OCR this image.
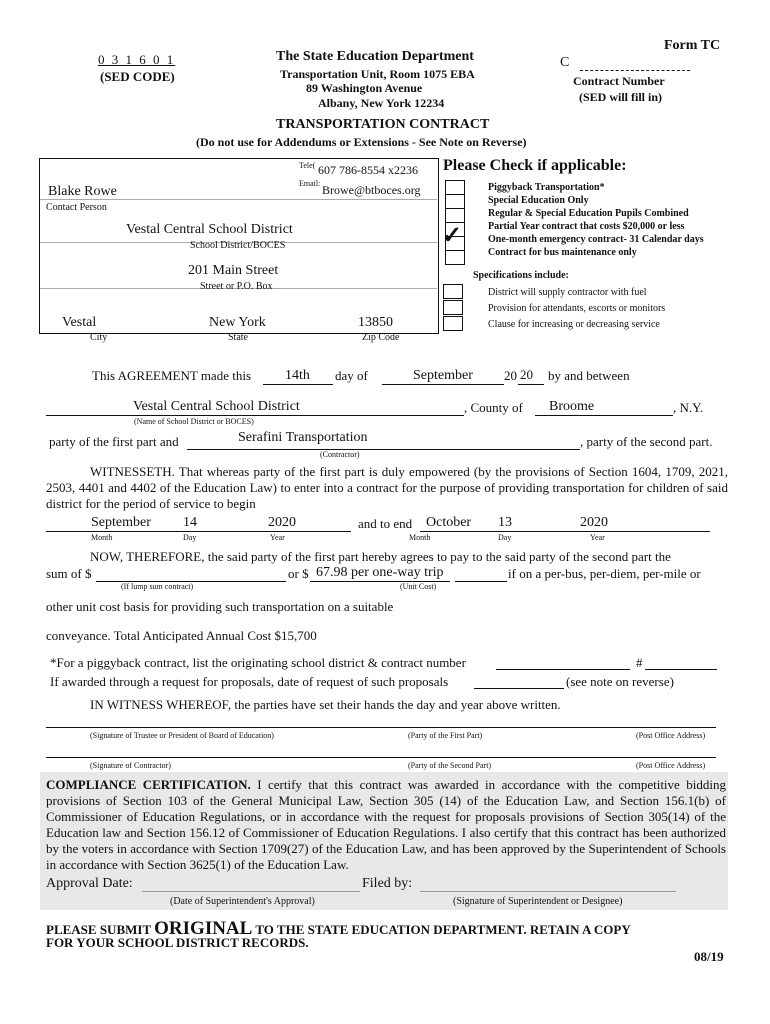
Form TC
0 3 1 6 0 1
(SED CODE)
The State Education Department
Transportation Unit, Room 1075 EBA
89 Washington Avenue
Albany, New York 12234
C
Contract Number
(SED will fill in)
TRANSPORTATION CONTRACT
(Do not use for Addendums or Extensions - See Note on Reverse)
Tele( 607 786-8554 x2236
Email: Browe@btboces.org
Blake Rowe
Contact Person
Vestal Central School District
School District/BOCES
201 Main Street
Street or P.O. Box
Vestal	New York	13850
City	State	Zip Code
Please Check if applicable:
✓
Piggyback Transportation*
Special Education Only
Regular & Special Education Pupils Combined
Partial Year contract that costs $20,000 or less
One-month emergency contract- 31 Calendar days
Contract for bus maintenance only
Specifications include:
District will supply contractor with fuel
Provision for attendants, escorts or monitors
Clause for increasing or decreasing service
This AGREEMENT made this 14th day of	September 20 20 by and between
Vestal Central School District	, County of Broome	, N.Y.
(Name of School District or BOCES)
party of the first part and	Serafini Transportation	, party of the second part.
(Contractor)
WITNESSETH. That whereas party of the first part is duly empowered (by the provisions of Section 1604, 1709, 2021, 2503, 4401 and 4402 of the Education Law) to enter into a contract for the purpose of providing transportation for children of said district for the period of service to begin
September 14	2020	and to end October 13	2020
Month	Day	Year	Month	Day	Year
NOW, THEREFORE, the said party of the first part hereby agrees to pay to the said party of the second part the
sum of $	or $ 67.98 per one-way trip	if on a per-bus, per-diem, per-mile or
(If lump sum contract)	(Unit Cost)
other unit cost basis for providing such transportation on a suitable
conveyance. Total Anticipated Annual Cost $15,700
*For a piggyback contract, list the originating school district & contract number	#
If awarded through a request for proposals, date of request of such proposals	(see note on reverse)
IN WITNESS WHEREOF, the parties have set their hands the day and year above written.
(Signature of Trustee or President of Board of Education)	(Party of the First Part)	(Post Office Address)
(Signature of Contractor)	(Party of the Second Part)	(Post Office Address)
COMPLIANCE CERTIFICATION. I certify that this contract was awarded in accordance with the competitive bidding provisions of Section 103 of the General Municipal Law, Section 305 (14) of the Education Law, and Section 156.1(b) of Commissioner of Education Regulations, or in accordance with the request for proposals provisions of Section 305(14) of the Education law and Section 156.12 of Commissioner of Education Regulations. I also certify that this contract has been authorized by the voters in accordance with Section 1709(27) of the Education Law, and has been approved by the Superintendent of Schools in accordance with Section 3625(1) of the Education Law.
Approval Date:	Filed by:
(Date of Superintendent's Approval)	(Signature of Superintendent or Designee)
PLEASE SUBMIT ORIGINAL TO THE STATE EDUCATION DEPARTMENT. RETAIN A COPY
FOR YOUR SCHOOL DISTRICT RECORDS.
08/19
